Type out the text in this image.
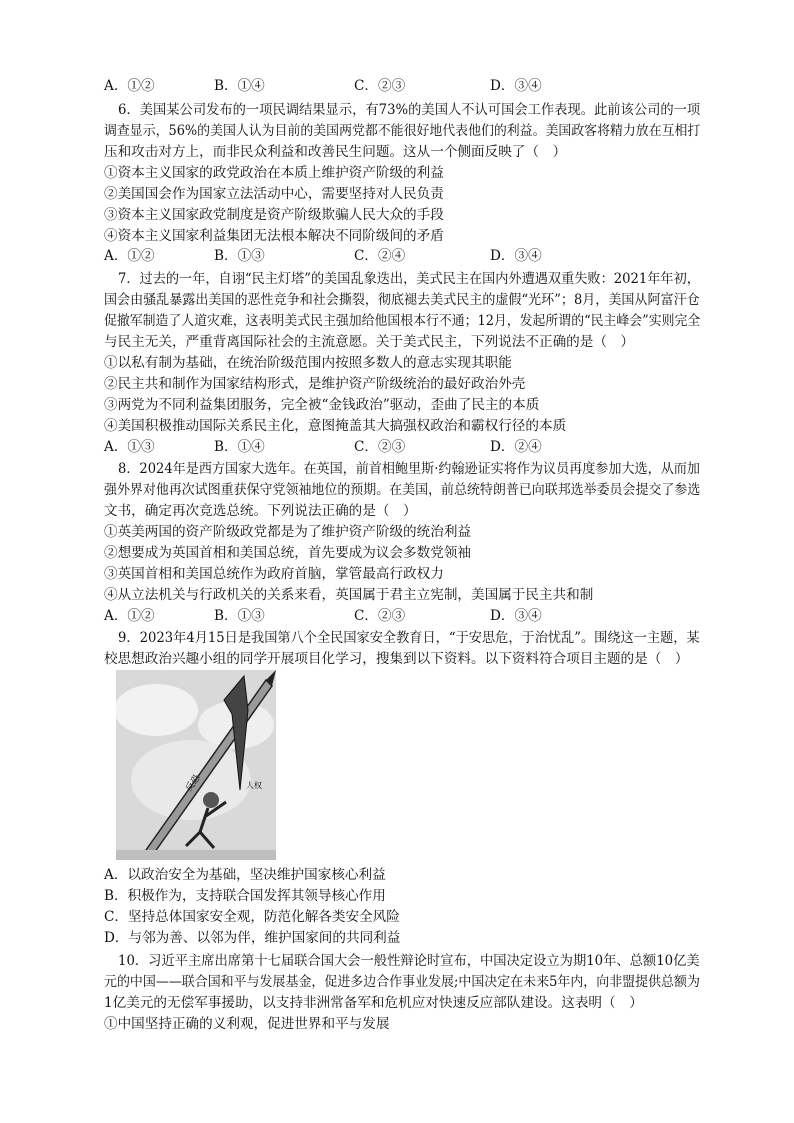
A．①②	B．①④	C．②③	D．③④
6．美国某公司发布的一项民调结果显示，有73%的美国人不认可国会工作表现。此前该公司的一项
调查显示，56%的美国人认为目前的美国两党都不能很好地代表他们的利益。美国政客将精力放在互相打
压和攻击对方上，而非民众利益和改善民生问题。这从一个侧面反映了（　）
①资本主义国家的政党政治在本质上维护资产阶级的利益
②美国国会作为国家立法活动中心，需要坚持对人民负责
③资本主义国家政党制度是资产阶级欺骗人民大众的手段
④资本主义国家利益集团无法根本解决不同阶级间的矛盾
A．①②	B．①③	C．②④	D．③④
7．过去的一年，自诩“民主灯塔”的美国乱象迭出，美式民主在国内外遭遇双重失败：2021年年初，
国会由骚乱暴露出美国的恶性竞争和社会撕裂，彻底褪去美式民主的虚假“光环”；8月，美国从阿富汗仓
促撤军制造了人道灾难，这表明美式民主强加给他国根本行不通；12月，发起所谓的“民主峰会”实则完全
与民主无关，严重背离国际社会的主流意愿。关于美式民主，下列说法不正确的是（　）
①以私有制为基础，在统治阶级范围内按照多数人的意志实现其职能
②民主共和制作为国家结构形式，是维护资产阶级统治的最好政治外壳
③两党为不同利益集团服务，完全被“金钱政治”驱动，歪曲了民主的本质
④美国积极推动国际关系民主化，意图掩盖其大搞强权政治和霸权行径的本质
A．①③	B．①④	C．②③	D．②④
8．2024年是西方国家大选年。在英国，前首相鲍里斯·约翰逊证实将作为议员再度参加大选，从而加
强外界对他再次试图重获保守党领袖地位的预期。在美国，前总统特朗普已向联邦选举委员会提交了参选
文书，确定再次竞选总统。下列说法正确的是（　）
①英美两国的资产阶级政党都是为了维护资产阶级的统治利益
②想要成为英国首相和美国总统，首先要成为议会多数党领袖
③英国首相和美国总统作为政府首脑，掌管最高行政权力
④从立法机关与行政机关的关系来看，英国属于君主立宪制，美国属于民主共和制
A．①②	B．①③	C．②③	D．③④
9．2023年4月15日是我国第八个全民国家安全教育日，“于安思危，于治忧乱”。围绕这一主题，某
校思想政治兴趣小组的同学开展项目化学习，搜集到以下资料。以下资料符合项目主题的是（　）
反恐	人权
A．以政治安全为基础，坚决维护国家核心利益
B．积极作为，支持联合国发挥其领导核心作用
C．坚持总体国家安全观，防范化解各类安全风险
D．与邻为善、以邻为伴，维护国家间的共同利益
10．习近平主席出席第十七届联合国大会一般性辩论时宣布，中国决定设立为期10年、总额10亿美
元的中国——联合国和平与发展基金，促进多边合作事业发展;中国决定在未来5年内，向非盟提供总额为
1亿美元的无偿军事援助，以支持非洲常备军和危机应对快速反应部队建设。这表明（　）
①中国坚持正确的义利观，促进世界和平与发展
